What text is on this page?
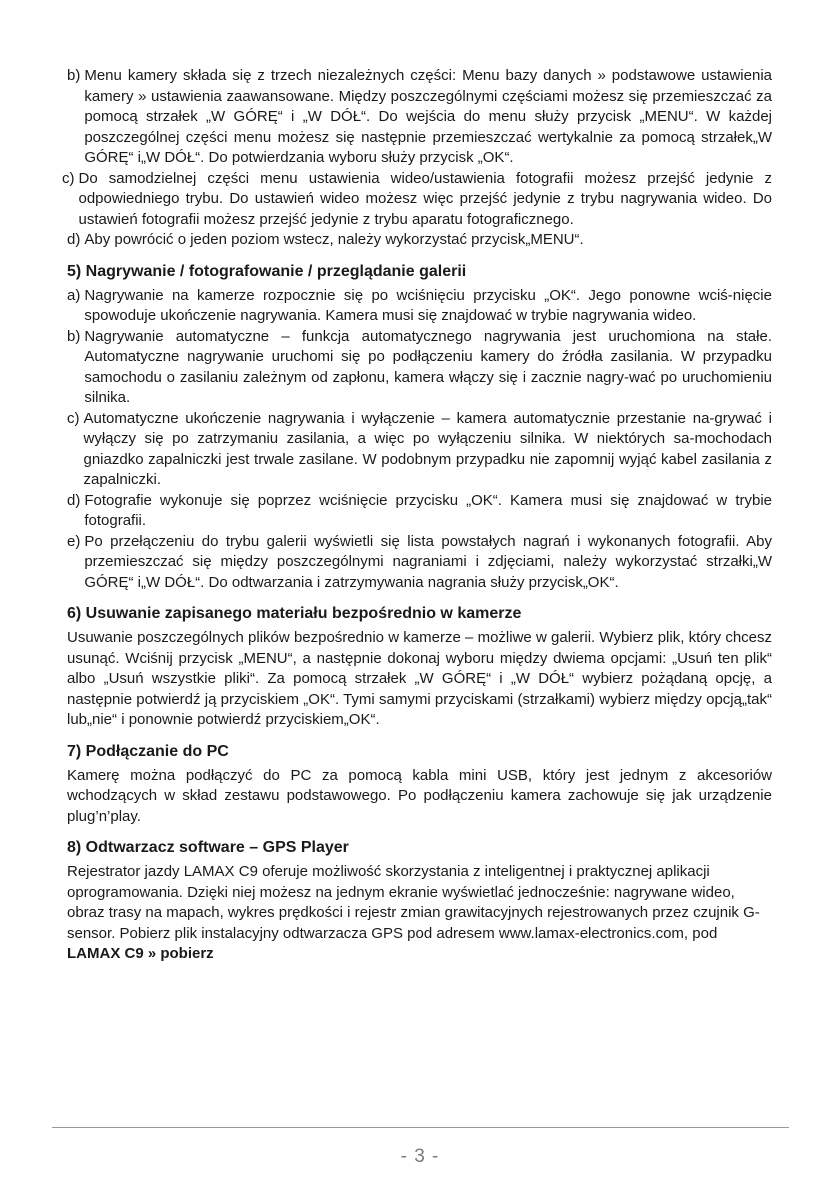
b) Menu kamery składa się z trzech niezależnych części: Menu bazy danych » podstawowe ustawienia kamery » ustawienia zaawansowane. Między poszczególnymi częściami możesz się przemieszczać za pomocą strzałek „W GÓRĘ“ i „W DÓŁ“. Do wejścia do menu służy przycisk „MENU“. W każdej poszczególnej części menu możesz się następnie przemieszczać wertykalnie za pomocą strzałek„W GÓRĘ“ i„W DÓŁ“. Do potwierdzania wyboru służy przycisk „OK“.
c) Do samodzielnej części menu ustawienia wideo/ustawienia fotografii możesz przejść jedynie z odpowiedniego trybu. Do ustawień wideo możesz więc przejść jedynie z trybu nagrywania wideo. Do ustawień fotografii możesz przejść jedynie z trybu aparatu fotograficznego.
d) Aby powrócić o jeden poziom wstecz, należy wykorzystać przycisk„MENU“.
5) Nagrywanie / fotografowanie / przeglądanie galerii
a) Nagrywanie na kamerze rozpocznie się po wciśnięciu przycisku „OK“. Jego ponowne wciś-nięcie spowoduje ukończenie nagrywania. Kamera musi się znajdować w trybie nagrywania wideo.
b) Nagrywanie automatyczne – funkcja automatycznego nagrywania jest uruchomiona na stałe. Automatyczne nagrywanie uruchomi się po podłączeniu kamery do źródła zasilania. W przypadku samochodu o zasilaniu zależnym od zapłonu, kamera włączy się i zacznie nagry-wać po uruchomieniu silnika.
c) Automatyczne ukończenie nagrywania i wyłączenie – kamera automatycznie przestanie na-grywać i wyłączy się po zatrzymaniu zasilania, a więc po wyłączeniu silnika. W niektórych sa-mochodach gniazdko zapalniczki jest trwale zasilane. W podobnym przypadku nie zapomnij wyjąć kabel zasilania z zapalniczki.
d) Fotografie wykonuje się poprzez wciśnięcie przycisku „OK“. Kamera musi się znajdować w trybie fotografii.
e) Po przełączeniu do trybu galerii wyświetli się lista powstałych nagrań i wykonanych fotografii. Aby przemieszczać się między poszczególnymi nagraniami i zdjęciami, należy wykorzystać strzałki„W GÓRĘ“ i„W DÓŁ“. Do odtwarzania i zatrzymywania nagrania służy przycisk„OK“.
6) Usuwanie zapisanego materiału bezpośrednio w kamerze

Usuwanie poszczególnych plików bezpośrednio w kamerze – możliwe w galerii. Wybierz plik, który chcesz usunąć. Wciśnij przycisk „MENU“, a następnie dokonaj wyboru między dwiema opcjami: „Usuń ten plik“ albo „Usuń wszystkie pliki“. Za pomocą strzałek „W GÓRĘ“ i „W DÓŁ“ wybierz pożądaną opcję, a następnie potwierdź ją przyciskiem „OK“. Tymi samymi przyciskami (strzałkami) wybierz między opcją„tak“ lub„nie“ i ponownie potwierdź przyciskiem„OK“.

7) Podłączanie do PC

Kamerę można podłączyć do PC za pomocą kabla mini USB, który jest jednym z akcesoriów wchodzących w skład zestawu podstawowego. Po podłączeniu kamera zachowuje się jak urządzenie plug’n’play.

8) Odtwarzacz software – GPS Player

Rejestrator jazdy LAMAX C9 oferuje możliwość skorzystania z inteligentnej i praktycznej aplikacji oprogramowania. Dzięki niej możesz na jednym ekranie wyświetlać jednocześnie: nagrywane wideo, obraz trasy na mapach, wykres prędkości i rejestr zmian grawitacyjnych rejestrowanych przez czujnik G-sensor. Pobierz plik instalacyjny odtwarzacza GPS pod adresem www.lamax-electronics.com, pod LAMAX C9 » pobierz

- 3 -
